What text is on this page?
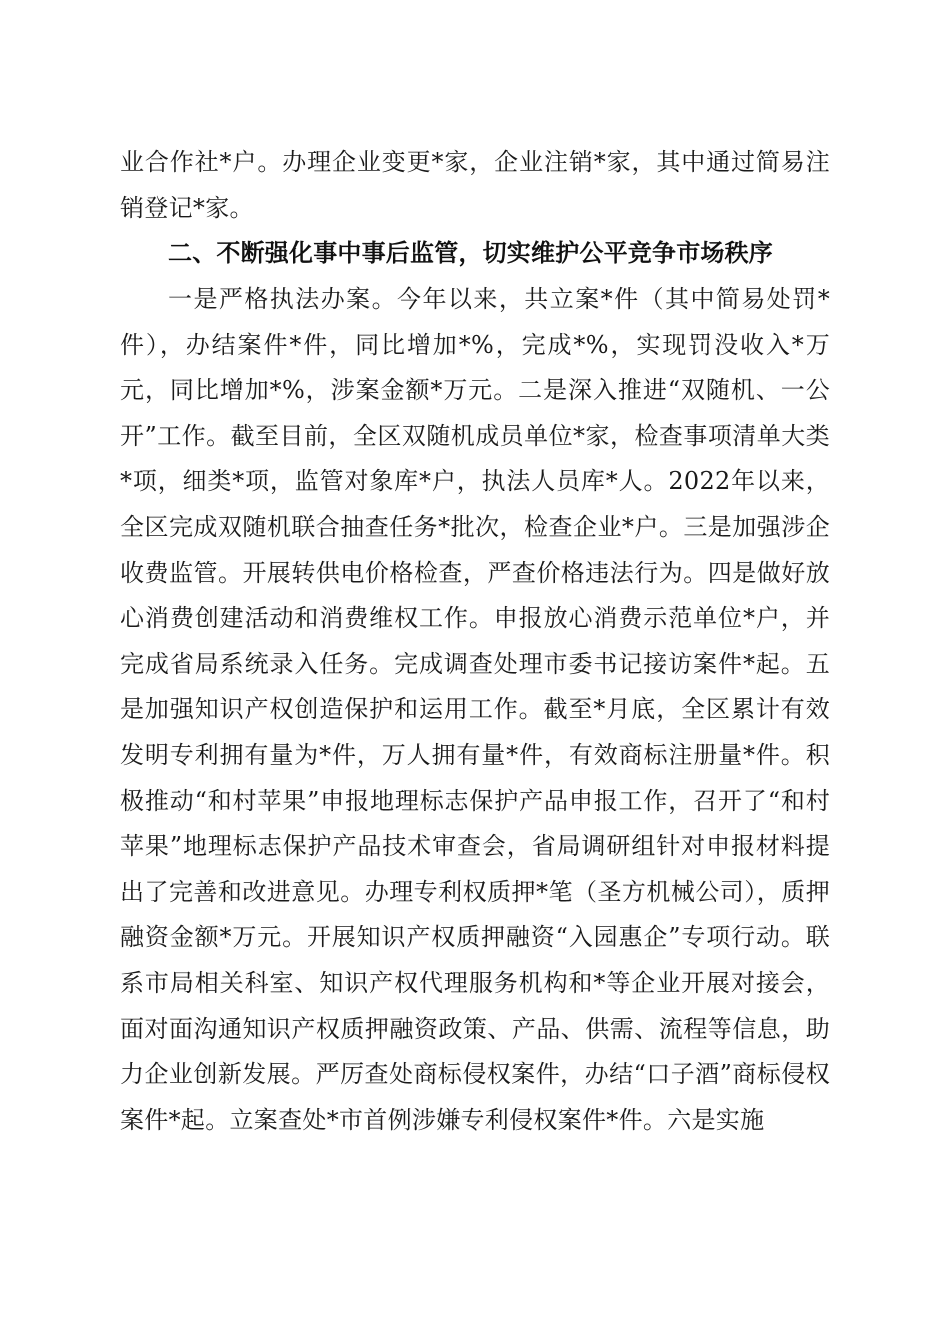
业合作社*户。办理企业变更*家，企业注销*家，其中通过简易注销登记*家。

二、不断强化事中事后监管，切实维护公平竞争市场秩序

一是严格执法办案。今年以来，共立案*件（其中简易处罚*件），办结案件*件，同比增加*%，完成*%，实现罚没收入*万元，同比增加*%，涉案金额*万元。二是深入推进“双随机、一公开”工作。截至目前，全区双随机成员单位*家，检查事项清单大类*项，细类*项，监管对象库*户，执法人员库*人。2022年以来，全区完成双随机联合抽查任务*批次，检查企业*户。三是加强涉企收费监管。开展转供电价格检查，严查价格违法行为。四是做好放心消费创建活动和消费维权工作。申报放心消费示范单位*户，并完成省局系统录入任务。完成调查处理市委书记接访案件*起。五是加强知识产权创造保护和运用工作。截至*月底，全区累计有效发明专利拥有量为*件，万人拥有量*件，有效商标注册量*件。积极推动“和村苹果”申报地理标志保护产品申报工作，召开了“和村苹果”地理标志保护产品技术审查会，省局调研组针对申报材料提出了完善和改进意见。办理专利权质押*笔（圣方机械公司），质押融资金额*万元。开展知识产权质押融资“入园惠企”专项行动。联系市局相关科室、知识产权代理服务机构和*等企业开展对接会，面对面沟通知识产权质押融资政策、产品、供需、流程等信息，助力企业创新发展。严厉查处商标侵权案件，办结“口子酒”商标侵权案件*起。立案查处*市首例涉嫌专利侵权案件*件。六是实施
